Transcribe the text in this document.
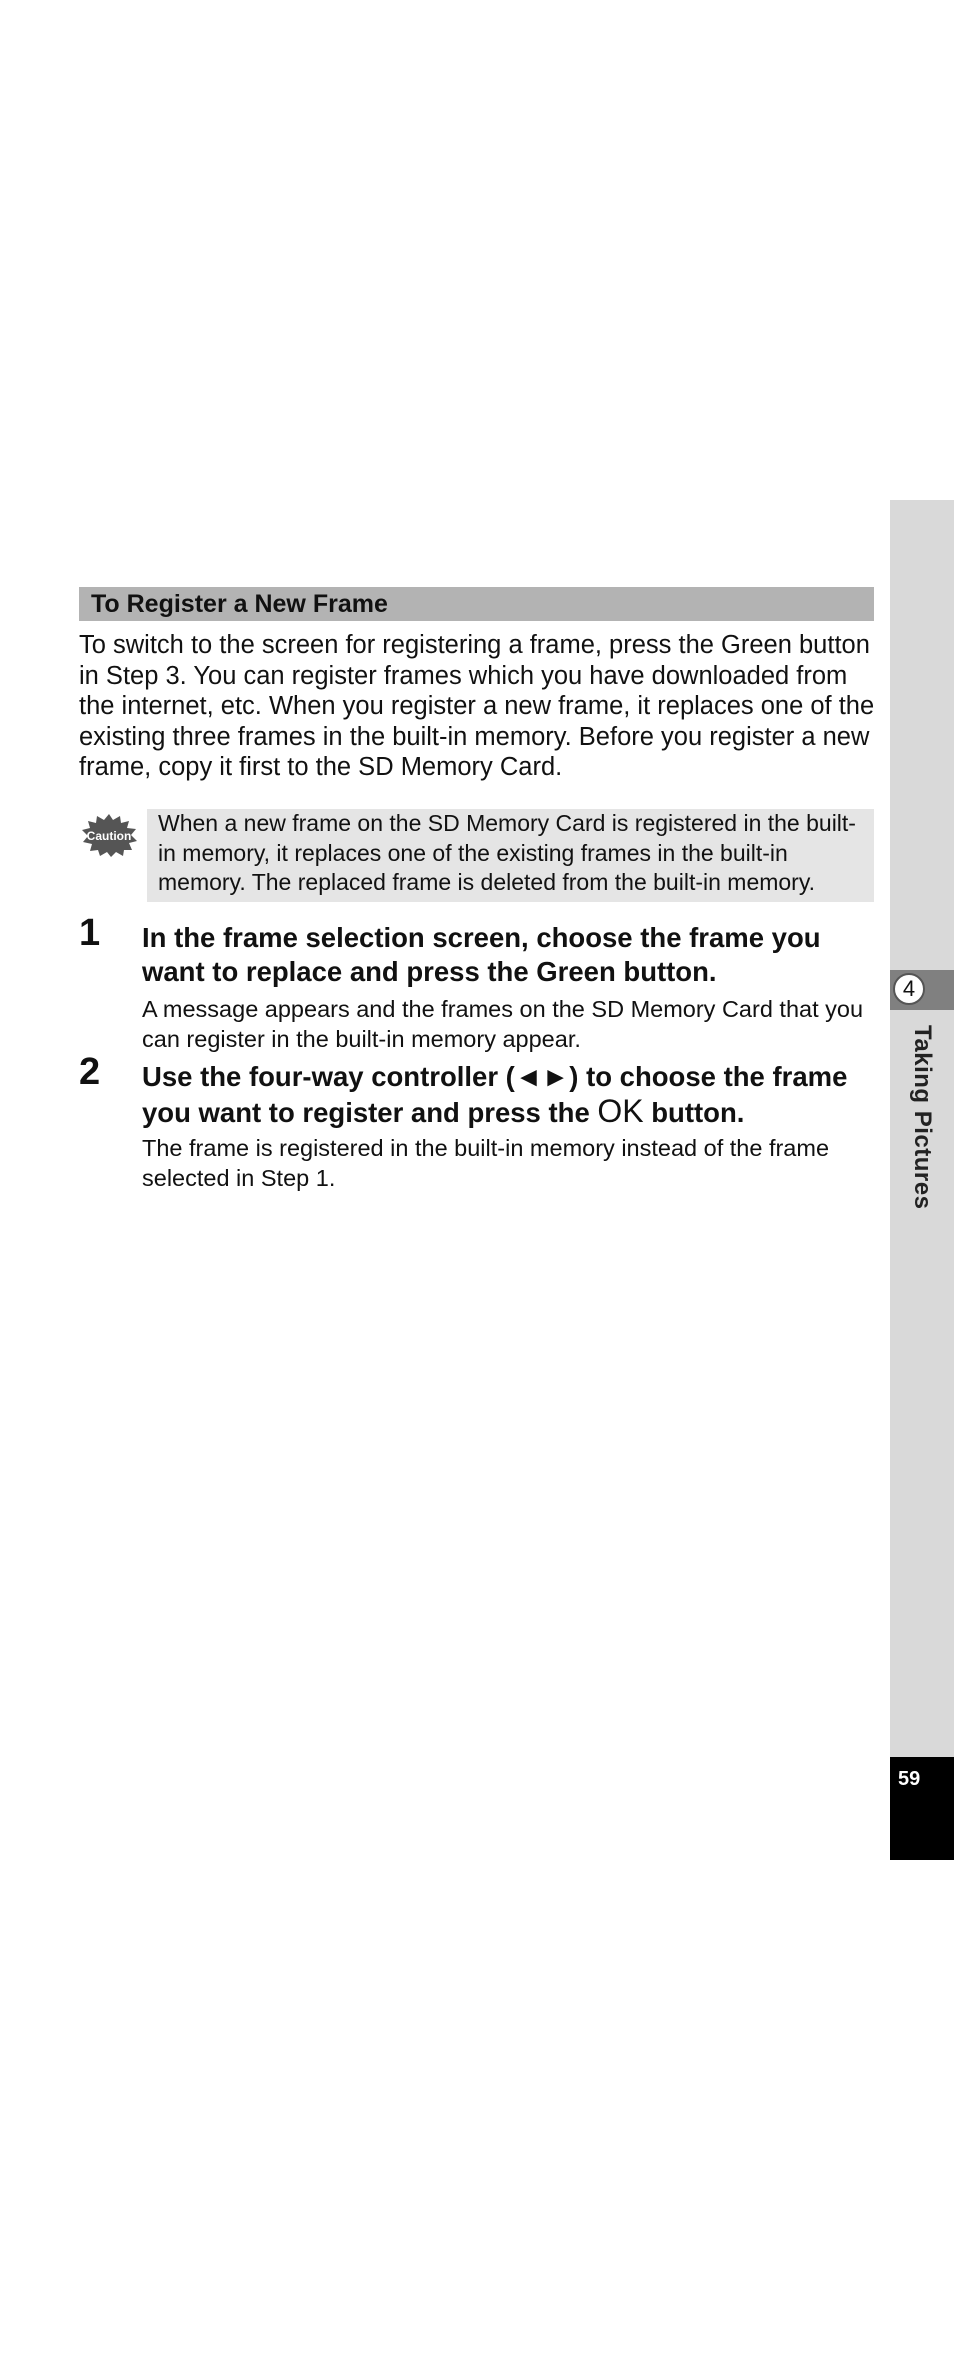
4
Taking Pictures
59
To Register a New Frame

To switch to the screen for registering a frame, press the Green button in Step 3. You can register frames which you have downloaded from the internet, etc. When you register a new frame, it replaces one of the existing three frames in the built-in memory. Before you register a new frame, copy it first to the SD Memory Card.

Caution	When a new frame on the SD Memory Card is registered in the built-in memory, it replaces one of the existing frames in the built-in memory. The replaced frame is deleted from the built-in memory.
1 In the frame selection screen, choose the frame you want to replace and press the Green button.
A message appears and the frames on the SD Memory Card that you can register in the built-in memory appear.
2 Use the four-way controller (◄►) to choose the frame you want to register and press the OK button.
The frame is registered in the built-in memory instead of the frame selected in Step 1.
